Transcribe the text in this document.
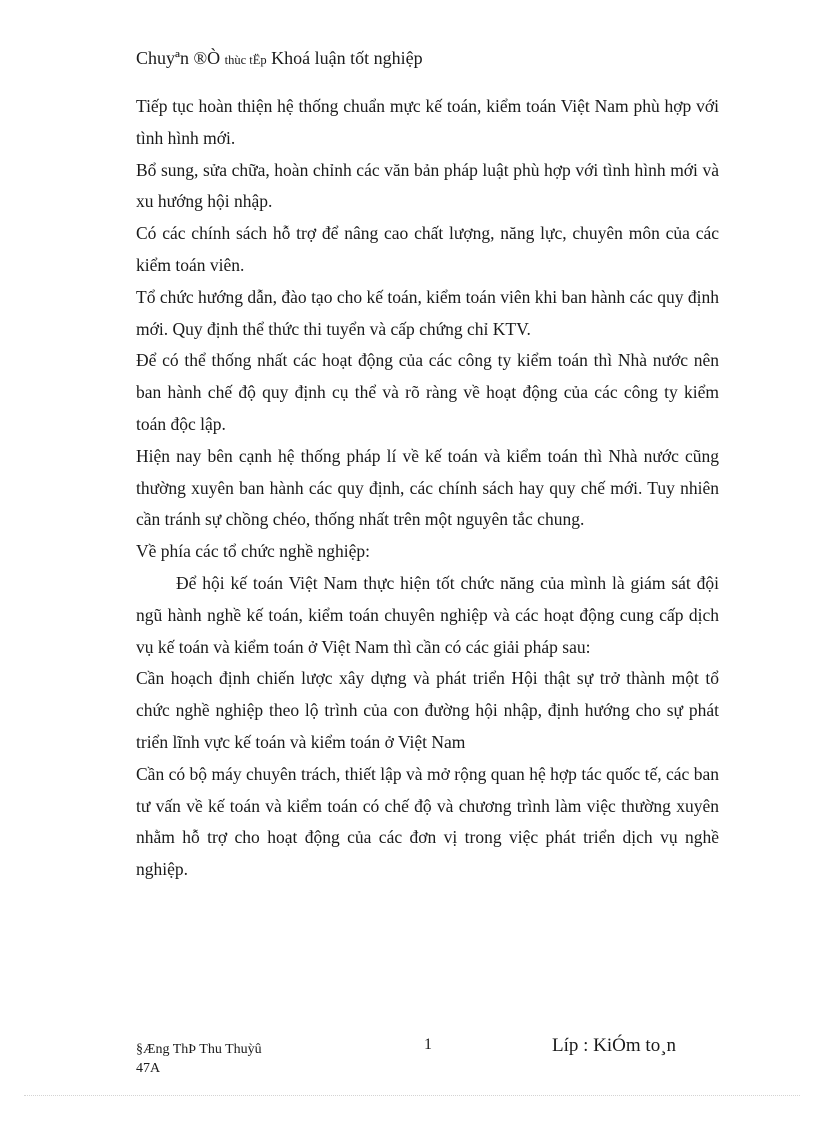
Chuyªn ®Ò thùc tËp Khoá luận tốt nghiệp

Tiếp tục hoàn thiện hệ thống chuẩn mực kế toán, kiểm toán Việt Nam phù hợp với tình hình mới.

Bổ sung, sửa chữa, hoàn chỉnh các văn bản pháp luật phù hợp với tình hình mới và xu hướng hội nhập.

Có các chính sách hỗ trợ để nâng cao chất lượng, năng lực, chuyên môn của các kiểm toán viên.

Tổ chức hướng dẫn, đào tạo cho kế toán, kiểm toán viên khi ban hành các quy định mới. Quy định thể thức thi tuyển và cấp chứng chỉ KTV.

Để có thể thống nhất các hoạt động của các công ty kiểm toán thì Nhà nước nên ban hành chế độ quy định cụ thể và rõ ràng về hoạt động của các công ty kiểm toán độc lập.

Hiện nay bên cạnh hệ thống pháp lí về kế toán và kiểm toán thì Nhà nước cũng thường xuyên ban hành các quy định, các chính sách hay quy chế mới. Tuy nhiên cần tránh sự chồng chéo, thống nhất trên một nguyên tắc chung.

Về phía các tổ chức nghề nghiệp:

Để hội kế toán Việt Nam thực hiện tốt chức năng của mình là giám sát đội ngũ hành nghề kế toán, kiểm toán chuyên nghiệp và các hoạt động cung cấp dịch vụ kế toán và kiểm toán ở Việt Nam thì cần có các giải pháp sau:

Cần hoạch định chiến lược xây dựng và phát triển Hội thật sự trở thành một tổ chức nghề nghiệp theo lộ trình của con đường hội nhập, định hướng cho sự phát triển lĩnh vực kế toán và kiểm toán ở Việt Nam

Cần có bộ máy chuyên trách, thiết lập và mở rộng quan hệ hợp tác quốc tế, các ban tư vấn về kế toán và kiểm toán có chế độ và chương trình làm việc thường xuyên nhằm hỗ trợ cho hoạt động của các đơn vị trong việc phát triển dịch vụ nghề nghiệp.

§Æng ThÞ Thu Thuỳû
47A
1	Líp : KiÓm to¸n
